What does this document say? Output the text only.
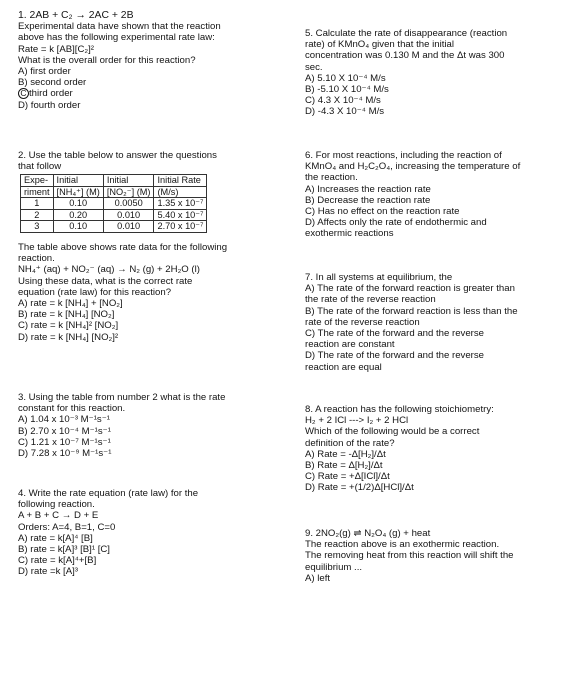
1. 2AB + C₂ → 2AC + 2B
Experimental data have shown that the reaction
above has the following experimental rate law:
Rate = k [AB][C₂]²
What is the overall order for this reaction?
A) first order
B) second order
C third order
D) fourth order
2. Use the table below to answer the questions
that follow
Expe-	Initial	Initial	Initial Rate
riment	[NH₄⁺] (M)	[NO₂⁻] (M)	(M/s)
1	0.10	0.0050	1.35 x 10⁻⁷
2	0.20	0.010	5.40 x 10⁻⁷
3	0.10	0.010	2.70 x 10⁻⁷
The table above shows rate data for the following
reaction.
NH₄⁺ (aq) + NO₂⁻ (aq) → N₂ (g) + 2H₂O (l)
Using these data, what is the correct rate
equation (rate law) for this reaction?
A) rate = k [NH₄] + [NO₂]
B) rate = k [NH₄] [NO₂]
C) rate = k [NH₄]² [NO₂]
D) rate = k [NH₄] [NO₂]²
3. Using the table from number 2 what is the rate
constant for this reaction.
A) 1.04 x 10⁻³ M⁻¹s⁻¹
B) 2.70 x 10⁻⁴ M⁻¹s⁻¹
C) 1.21 x 10⁻⁷ M⁻¹s⁻¹
D) 7.28 x 10⁻⁹ M⁻¹s⁻¹
4. Write the rate equation (rate law) for the
following reaction.
A + B + C → D + E
Orders: A=4, B=1, C=0
A) rate = k[A]⁴ [B]
B) rate = k[A]³ [B]¹ [C]
C) rate = k[A]⁴+[B]
D) rate =k [A]³
5. Calculate the rate of disappearance (reaction
rate) of KMnO₄ given that the initial
concentration was 0.130 M and the Δt was 300
sec.
A) 5.10 X 10⁻⁴ M/s
B) -5.10 X 10⁻⁴ M/s
C) 4.3 X 10⁻⁴ M/s
D) -4.3 X 10⁻⁴ M/s
6. For most reactions, including the reaction of
KMnO₄ and H₂C₂O₄, increasing the temperature of
the reaction.
A) Increases the reaction rate
B) Decrease the reaction rate
C) Has no effect on the reaction rate
D) Affects only the rate of endothermic and
exothermic reactions
7. In all systems at equilibrium, the
A) The rate of the forward reaction is greater than
the rate of the reverse reaction
B) The rate of the forward reaction is less than the
rate of the reverse reaction
C) The rate of the forward and the reverse
reaction are constant
D) The rate of the forward and the reverse
reaction are equal
8. A reaction has the following stoichiometry:
H₂ + 2 ICl ---> I₂ + 2 HCl
Which of the following would be a correct
definition of the rate?
A) Rate = -Δ[H₂]/Δt
B) Rate = Δ[H₂]/Δt
C) Rate = +Δ[ICl]/Δt
D) Rate = +(1/2)Δ[HCl]/Δt
9. 2NO₂(g) ⇌ N₂O₄ (g) + heat
The reaction above is an exothermic reaction.
The removing heat from this reaction will shift the
equilibrium ...
A) left
